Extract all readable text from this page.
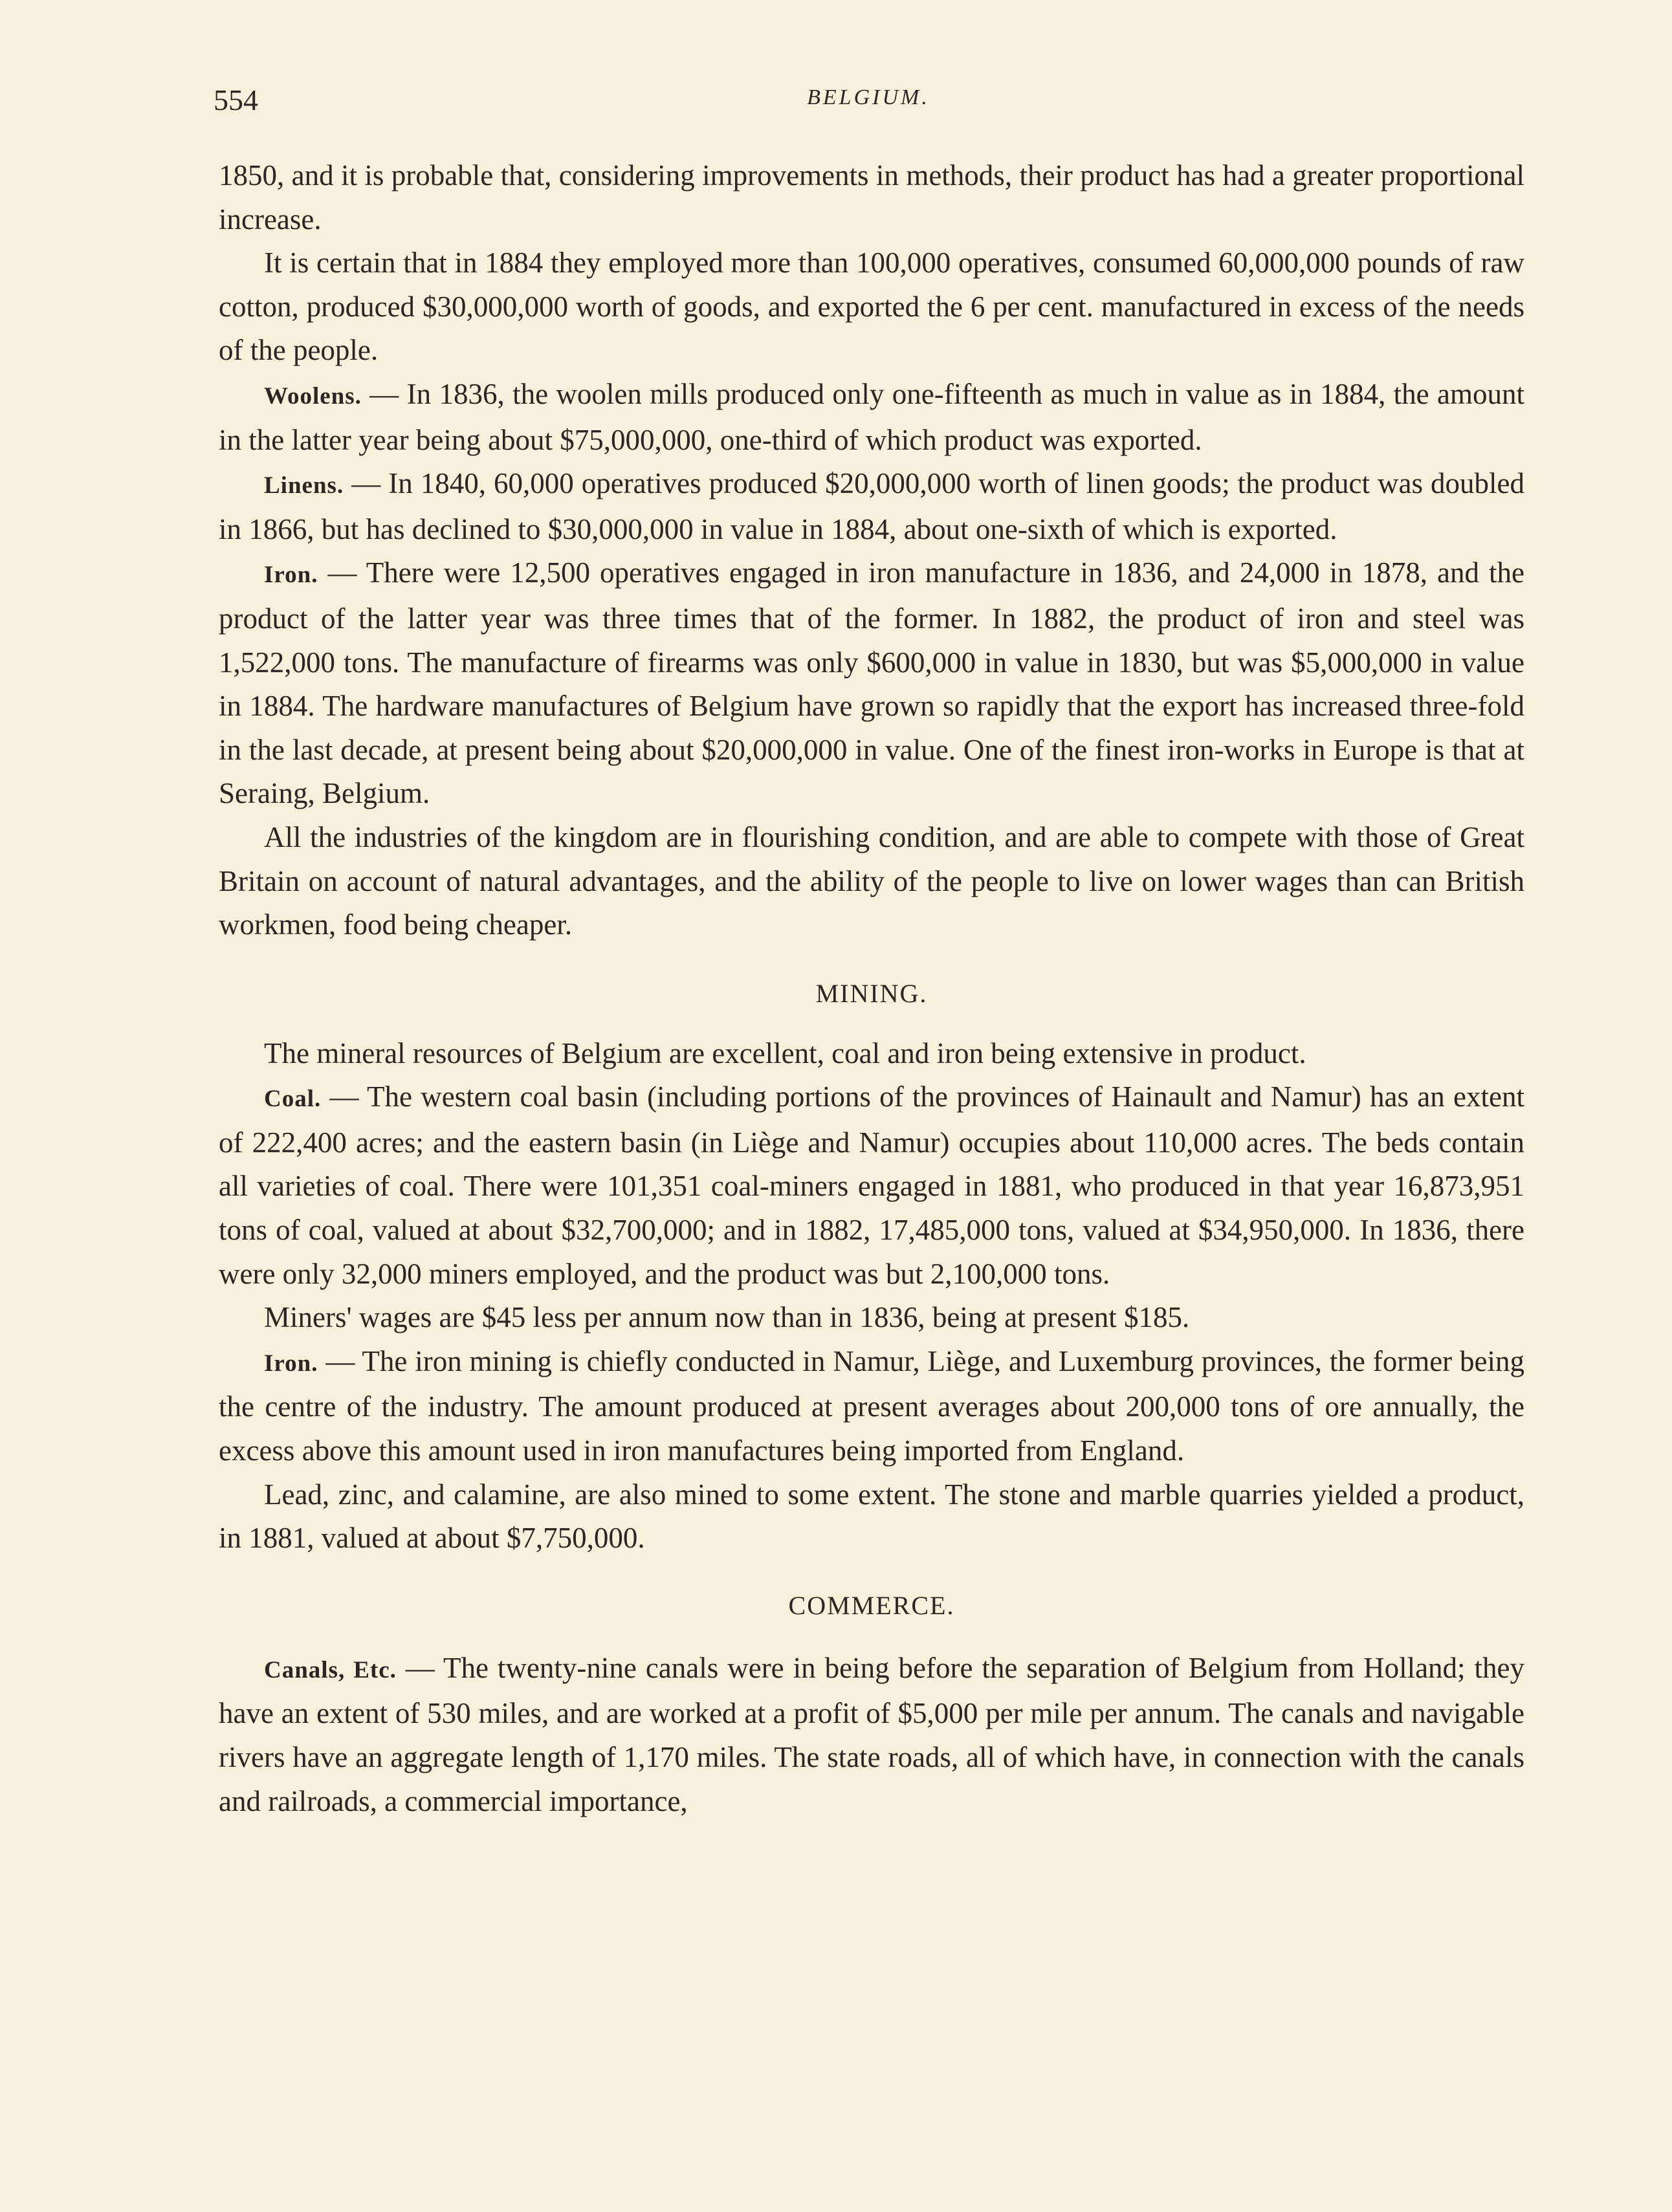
554	BELGIUM.

1850, and it is probable that, considering improvements in methods, their product has had a greater proportional increase.

It is certain that in 1884 they employed more than 100,000 operatives, consumed 60,000,000 pounds of raw cotton, produced $30,000,000 worth of goods, and exported the 6 per cent. manufactured in excess of the needs of the people.

Woolens. — In 1836, the woolen mills produced only one-fifteenth as much in value as in 1884, the amount in the latter year being about $75,000,000, one-third of which product was exported.

Linens. — In 1840, 60,000 operatives produced $20,000,000 worth of linen goods; the product was doubled in 1866, but has declined to $30,000,000 in value in 1884, about one-sixth of which is exported.

Iron. — There were 12,500 operatives engaged in iron manufacture in 1836, and 24,000 in 1878, and the product of the latter year was three times that of the former. In 1882, the product of iron and steel was 1,522,000 tons. The manufacture of firearms was only $600,000 in value in 1830, but was $5,000,000 in value in 1884. The hardware manufactures of Belgium have grown so rapidly that the export has increased three-fold in the last decade, at present being about $20,000,000 in value. One of the finest iron-works in Europe is that at Seraing, Belgium.

All the industries of the kingdom are in flourishing condition, and are able to compete with those of Great Britain on account of natural advantages, and the ability of the people to live on lower wages than can British workmen, food being cheaper.

MINING.

The mineral resources of Belgium are excellent, coal and iron being extensive in product.

Coal. — The western coal basin (including portions of the provinces of Hainault and Namur) has an extent of 222,400 acres; and the eastern basin (in Liège and Namur) occupies about 110,000 acres. The beds contain all varieties of coal. There were 101,351 coal-miners engaged in 1881, who produced in that year 16,873,951 tons of coal, valued at about $32,700,000; and in 1882, 17,485,000 tons, valued at $34,950,000. In 1836, there were only 32,000 miners employed, and the product was but 2,100,000 tons.

Miners' wages are $45 less per annum now than in 1836, being at present $185.

Iron. — The iron mining is chiefly conducted in Namur, Liège, and Luxemburg provinces, the former being the centre of the industry. The amount produced at present averages about 200,000 tons of ore annually, the excess above this amount used in iron manufactures being imported from England.

Lead, zinc, and calamine, are also mined to some extent. The stone and marble quarries yielded a product, in 1881, valued at about $7,750,000.

COMMERCE.

Canals, Etc. — The twenty-nine canals were in being before the separation of Belgium from Holland; they have an extent of 530 miles, and are worked at a profit of $5,000 per mile per annum. The canals and navigable rivers have an aggregate length of 1,170 miles. The state roads, all of which have, in connection with the canals and railroads, a commercial importance,
